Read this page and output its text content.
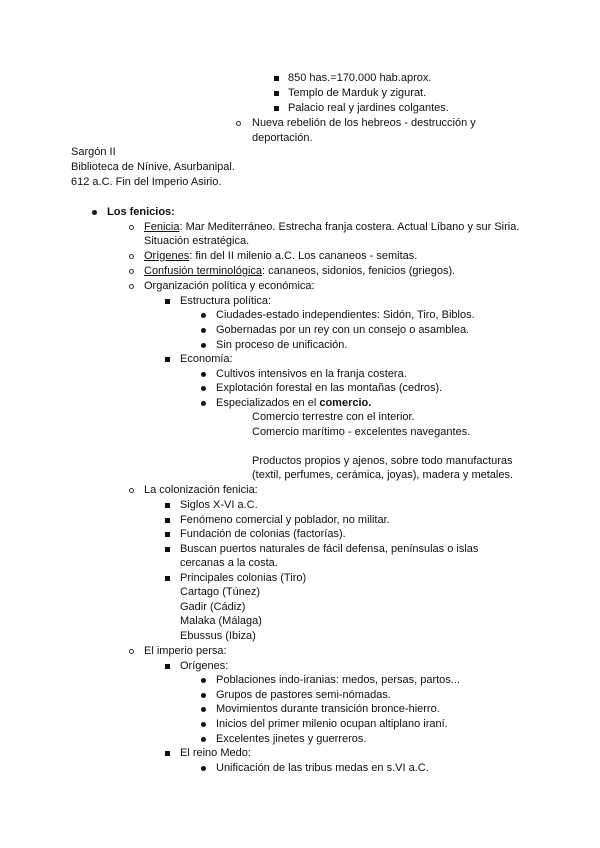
850 has.=170.000 hab.aprox.
Templo de Marduk y zigurat.
Palacio real y jardines colgantes.
Nueva rebelión de los hebreos - destrucción y
deportación.
Sargón II
Biblioteca de Nínive, Asurbanipal.
612 a.C. Fin del Imperio Asirio.
Los fenicios:
Fenicia: Mar Mediterráneo. Estrecha franja costera. Actual Líbano y sur Siria.
Situación estratégica.
Orígenes: fin del II milenio a.C. Los cananeos - semitas.
Confusión terminológica: cananeos, sidonios, fenicios (griegos).
Organización política y económica:
Estructura política:
Ciudades-estado independientes: Sidón, Tiro, Biblos.
Gobernadas por un rey con un consejo o asamblea.
Sin proceso de unificación.
Economía:
Cultivos intensivos en la franja costera.
Explotación forestal en las montañas (cedros).
Especializados en el comercio.
Comercio terrestre con el interior.
Comercio marítimo - excelentes navegantes.
Productos propios y ajenos, sobre todo manufacturas
(textil, perfumes, cerámica, joyas), madera y metales.
La colonización fenicia:
Siglos X-VI a.C.
Fenómeno comercial y poblador, no militar.
Fundación de colonias (factorías).
Buscan puertos naturales de fácil defensa, penínsulas o islas
cercanas a la costa.
Principales colonias (Tiro)
Cartago (Túnez)
Gadir (Cádiz)
Malaka (Málaga)
Ebussus (Ibiza)
El imperio persa:
Orígenes:
Poblaciones indo-iranias: medos, persas, partos...
Grupos de pastores semi-nómadas.
Movimientos durante transición bronce-hierro.
Inicios del primer milenio ocupan altiplano iraní.
Excelentes jinetes y guerreros.
El reino Medo:
Unificación de las tribus medas en s.VI a.C.
